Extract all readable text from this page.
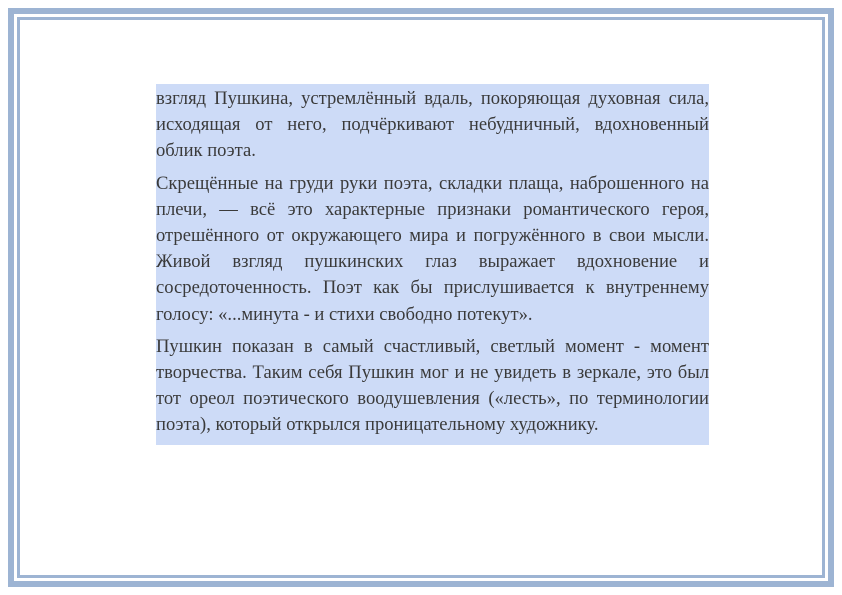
взгляд Пушкина, устремлённый вдаль, покоряющая духовная сила, исходящая от него, подчёркивают небудничный, вдохновенный облик поэта.

Скрещённые на груди руки поэта, складки плаща, наброшенного на плечи, — всё это характерные признаки романтического героя, отрешённого от окружающего мира и погружённого в свои мысли. Живой взгляд пушкинских глаз выражает вдохновение и сосредоточенность. Поэт как бы прислушивается к внутреннему голосу: «...минута - и стихи свободно потекут».

Пушкин показан в самый счастливый, светлый момент - момент творчества. Таким себя Пушкин мог и не увидеть в зеркале, это был тот ореол поэтического воодушевления («лесть», по терминологии поэта), который открылся проницательному художнику.
